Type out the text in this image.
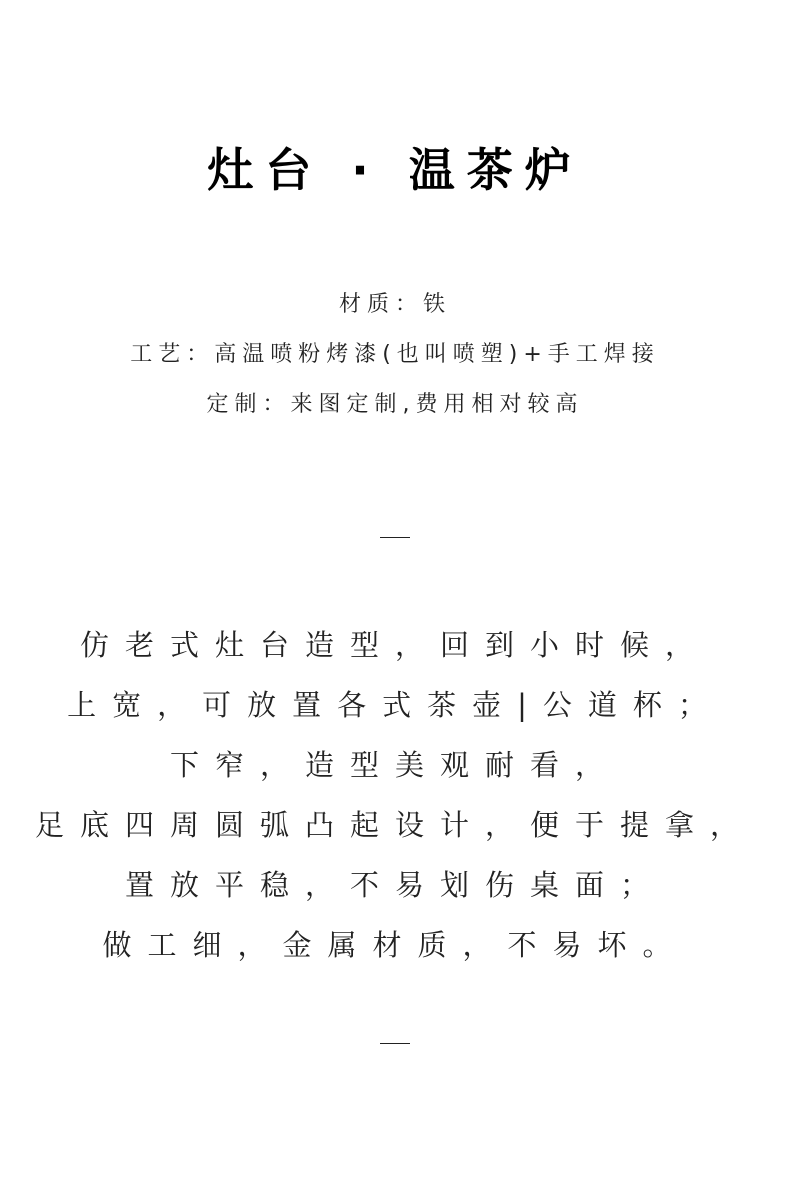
灶台 · 温茶炉
材质：铁
工艺：高温喷粉烤漆(也叫喷塑)+手工焊接
定制：来图定制,费用相对较高
仿老式灶台造型，回到小时候，
上宽，可放置各式茶壶|公道杯；
下窄，造型美观耐看，
足底四周圆弧凸起设计，便于提拿，
置放平稳，不易划伤桌面；
做工细，金属材质，不易坏。
